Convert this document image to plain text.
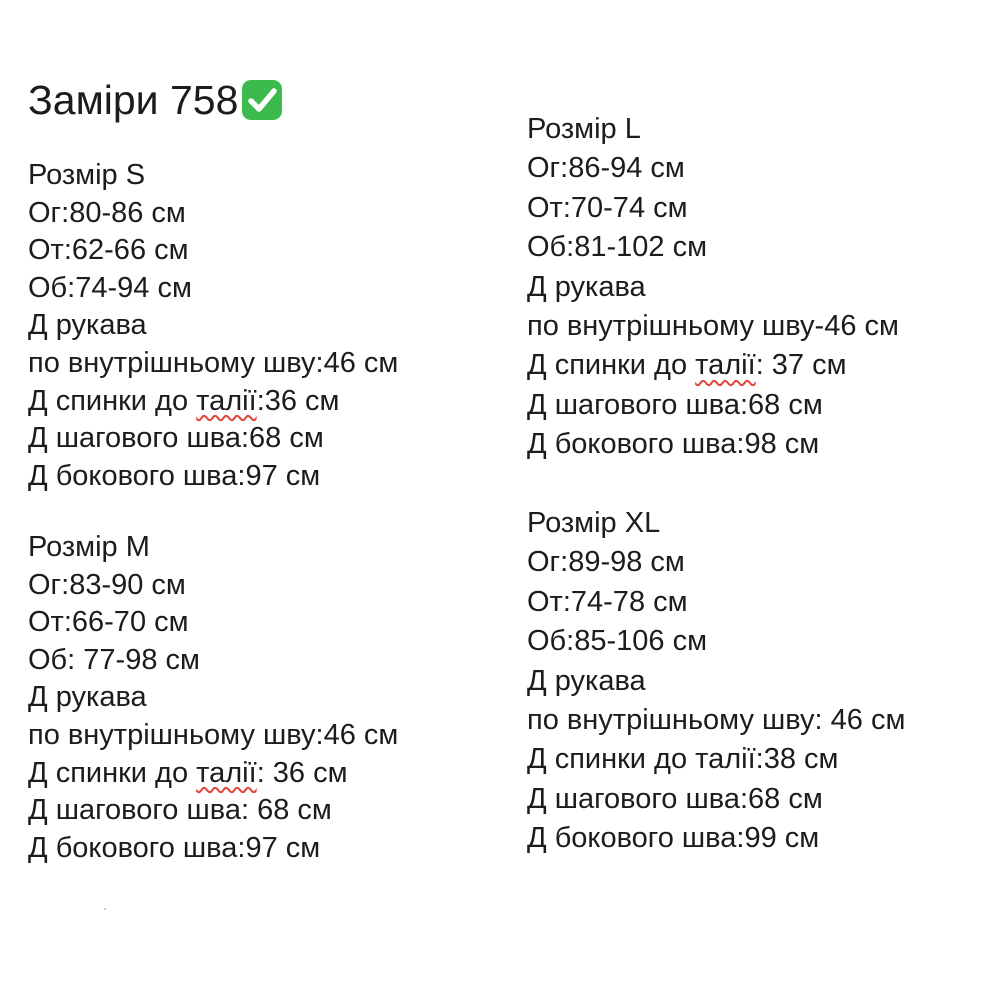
Заміри 758
Розмір S
Ог:80-86 см
От:62-66 см
Об:74-94 см
Д рукава
по внутрішньому шву:46 см
Д спинки до талії:36 см
Д шагового шва:68 см
Д бокового шва:97 см
Розмір M
Ог:83-90 см
От:66-70 см
Об: 77-98 см
Д рукава
по внутрішньому шву:46 см
Д спинки до талії: 36 см
Д шагового шва: 68 см
Д бокового шва:97 см
Розмір L
Ог:86-94 см
От:70-74 см
Об:81-102 см
Д рукава
по внутрішньому шву-46 см
Д спинки до талії: 37 см
Д шагового шва:68 см
Д бокового шва:98 см
Розмір XL
Ог:89-98 см
От:74-78 см
Об:85-106 см
Д рукава
по внутрішньому шву: 46 см
Д спинки до талії:38 см
Д шагового шва:68 см
Д бокового шва:99 см
